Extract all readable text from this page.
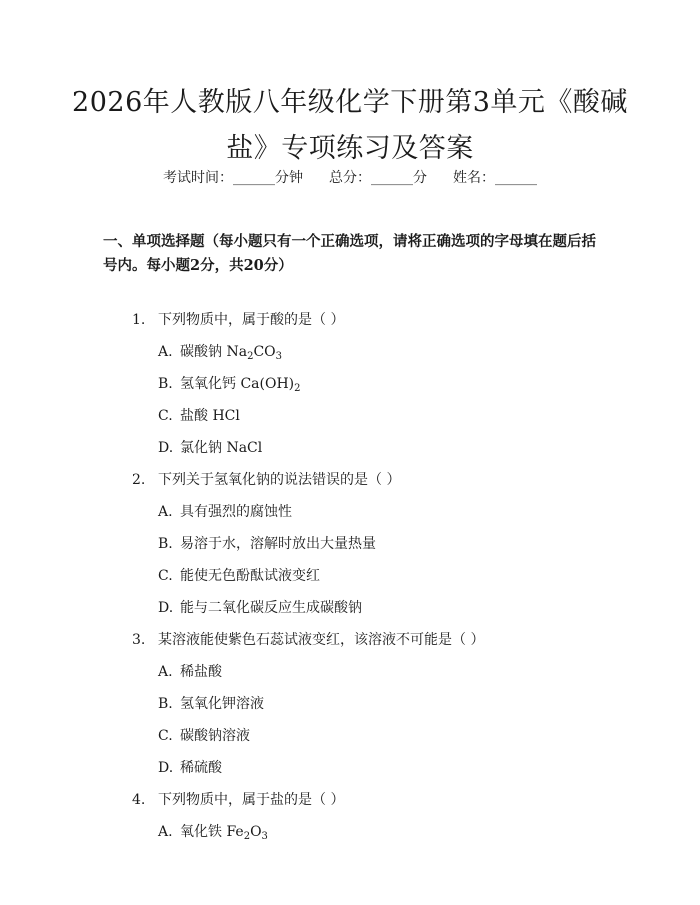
2026年人教版八年级化学下册第3单元《酸碱盐》专项练习及答案
考试时间：______分钟 总分：______分 姓名：______
一、单项选择题（每小题只有一个正确选项，请将正确选项的字母填在题后括号内。每小题2分，共20分）
1. 下列物质中，属于酸的是（ ）
A. 碳酸钠 $Na_2CO_3$
B. 氢氧化钙 $Ca(OH)_2$
C. 盐酸 HCl
D. 氯化钠 NaCl
2. 下列关于氢氧化钠的说法错误的是（ ）
A. 具有强烈的腐蚀性
B. 易溶于水，溶解时放出大量热量
C. 能使无色酚酞试液变红
D. 能与二氧化碳反应生成碳酸钠
3. 某溶液能使紫色石蕊试液变红，该溶液不可能是（ ）
A. 稀盐酸
B. 氢氧化钾溶液
C. 碳酸钠溶液
D. 稀硫酸
4. 下列物质中，属于盐的是（ ）
A. 氧化铁 $Fe_2O_3$
